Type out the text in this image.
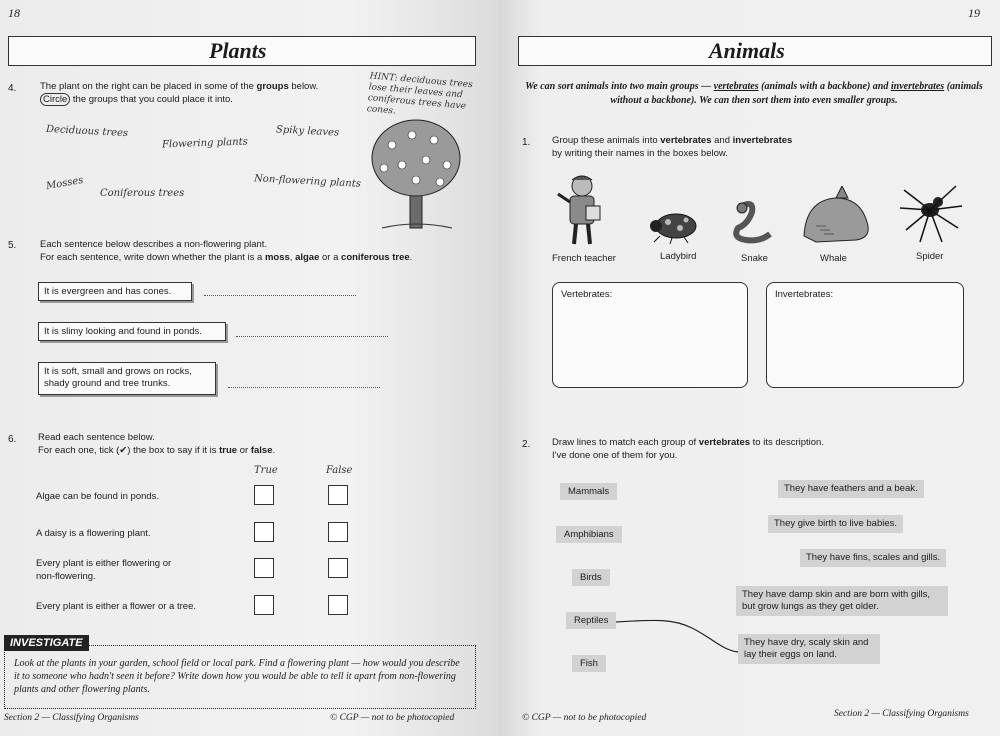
18
Plants
4. The plant on the right can be placed in some of the groups below.
Circle the groups that you could place it into.
HINT: deciduous trees lose their leaves and coniferous trees have cones.
Deciduous trees
Flowering plants
Spiky leaves
Mosses
Coniferous trees
Non-flowering plants
5. Each sentence below describes a non-flowering plant.
For each sentence, write down whether the plant is a moss, algae or a coniferous tree.
It is evergreen and has cones.
It is slimy looking and found in ponds.
It is soft, small and grows on rocks, shady ground and tree trunks.
6. Read each sentence below.
For each one, tick (✔) the box to say if it is true or false.
True	False
Algae can be found in ponds.
A daisy is a flowering plant.
Every plant is either flowering or non-flowering.
Every plant is either a flower or a tree.
INVESTIGATE
Look at the plants in your garden, school field or local park. Find a flowering plant — how would you describe it to someone who hadn't seen it before? Write down how you would be able to tell it apart from non-flowering plants and other flowering plants.
Section 2 — Classifying Organisms	© CGP — not to be photocopied
19
Animals
We can sort animals into two main groups — vertebrates (animals with a backbone) and invertebrates (animals without a backbone). We can then sort them into even smaller groups.
1. Group these animals into vertebrates and invertebrates
by writing their names in the boxes below.
French teacher	Ladybird	Snake	Whale	Spider
Vertebrates:	Invertebrates:
2. Draw lines to match each group of vertebrates to its description.
I've done one of them for you.
Mammals
Amphibians
Birds
Reptiles
Fish
They have feathers and a beak.
They give birth to live babies.
They have fins, scales and gills.
They have damp skin and are born with gills, but grow lungs as they get older.
They have dry, scaly skin and lay their eggs on land.
© CGP — not to be photocopied	Section 2 — Classifying Organisms
